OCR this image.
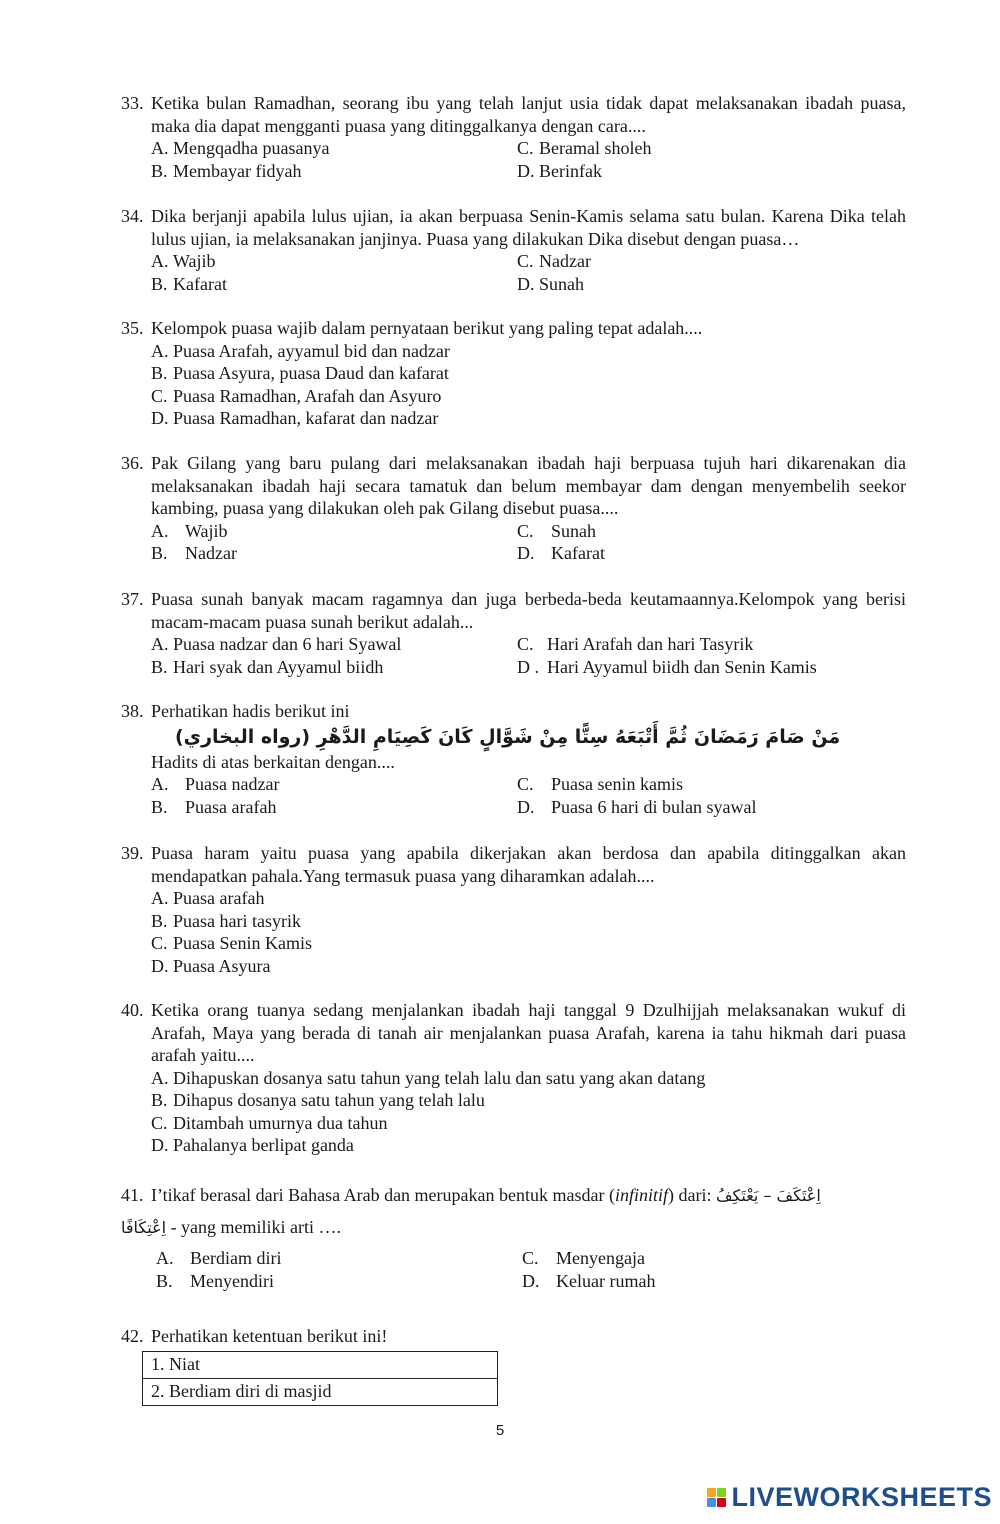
33. Ketika bulan Ramadhan, seorang ibu yang telah lanjut usia tidak dapat melaksanakan ibadah puasa, maka dia dapat mengganti puasa yang ditinggalkanya dengan cara....
A. Mengqadha puasanya	C. Beramal sholeh
B. Membayar fidyah	D. Berinfak
34. Dika berjanji apabila lulus ujian, ia akan berpuasa Senin-Kamis selama satu bulan. Karena Dika telah lulus ujian, ia melaksanakan janjinya. Puasa yang dilakukan Dika disebut dengan puasa…
A. Wajib	C. Nadzar
B. Kafarat	D. Sunah
35. Kelompok puasa wajib dalam pernyataan berikut yang paling tepat adalah....
A. Puasa Arafah, ayyamul bid dan nadzar
B. Puasa Asyura, puasa Daud dan kafarat
C. Puasa Ramadhan, Arafah dan Asyuro
D. Puasa Ramadhan, kafarat dan nadzar
36. Pak Gilang yang baru pulang dari melaksanakan ibadah haji berpuasa tujuh hari dikarenakan dia melaksanakan ibadah haji secara tamatuk dan belum membayar dam dengan menyembelih seekor kambing, puasa yang dilakukan oleh pak Gilang disebut puasa....
A. Wajib	C. Sunah
B. Nadzar	D. Kafarat
37. Puasa sunah banyak macam ragamnya dan juga berbeda-beda keutamaannya.Kelompok yang berisi macam-macam puasa sunah berikut adalah...
A. Puasa nadzar dan 6 hari Syawal	C. Hari Arafah dan hari Tasyrik
B. Hari syak dan Ayyamul biidh	D . Hari Ayyamul biidh dan Senin Kamis
38. Perhatikan hadis berikut ini
مَنْ صَامَ رَمَضَانَ ثُمَّ أَتْبَعَهُ سِتًّا مِنْ شَوَّالٍ كَانَ كَصِيَامِ الدَّهْرِ (رواه البخاري)
Hadits di atas berkaitan dengan....
A. Puasa nadzar	C. Puasa senin kamis
B. Puasa arafah	D. Puasa 6 hari di bulan syawal
39. Puasa haram yaitu puasa yang apabila dikerjakan akan berdosa dan apabila ditinggalkan akan mendapatkan pahala.Yang termasuk puasa yang diharamkan adalah....
A. Puasa arafah
B. Puasa hari tasyrik
C. Puasa Senin Kamis
D. Puasa Asyura
40. Ketika orang tuanya sedang menjalankan ibadah haji tanggal 9 Dzulhijjah melaksanakan wukuf di Arafah, Maya yang berada di tanah air menjalankan puasa Arafah, karena ia tahu hikmah dari puasa arafah yaitu....
A. Dihapuskan dosanya satu tahun yang telah lalu dan satu yang akan datang
B. Dihapus dosanya satu tahun yang telah lalu
C. Ditambah umurnya dua tahun
D. Pahalanya berlipat ganda
41. I’tikaf berasal dari Bahasa Arab dan merupakan bentuk masdar (infinitif) dari: اِعْتَكَفَ – يَعْتَكِفُ
اِعْتِكَافًا - yang memiliki arti ….
A. Berdiam diri	C. Menyengaja
B. Menyendiri	D. Keluar rumah
42. Perhatikan ketentuan berikut ini!
1. Niat
2. Berdiam diri di masjid
5
LIVEWORKSHEETS
